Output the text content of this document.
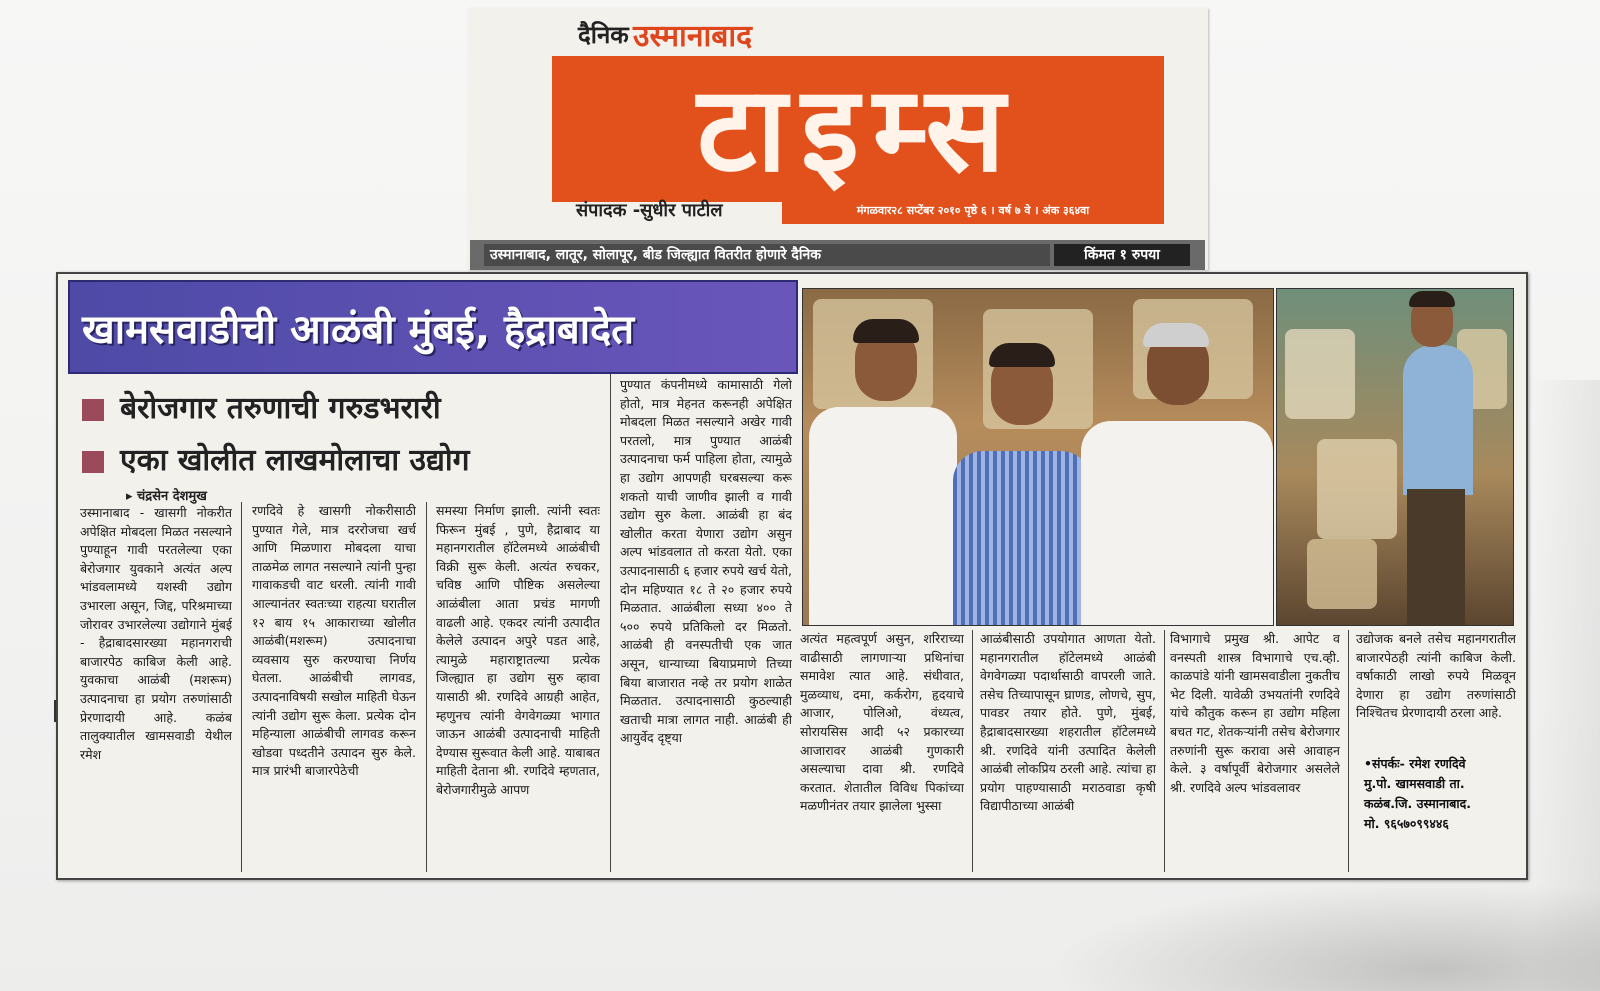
दैनिक उस्मानाबाद
टाइम्स
संपादक -सुधीर पाटील	मंगळवार२८ सप्टेंबर २०१० पृष्ठे ६ । वर्ष ७ वे । अंक ३६४वा
उस्मानाबाद, लातूर, सोलापूर, बीड जिल्ह्यात वितरीत होणारे दैनिक	किंमत १ रुपया
खामसवाडीची आळंबी मुंबई, हैद्राबादेत
बेरोजगार तरुणाची गरुडभरारी
एका खोलीत लाखमोलाचा उद्योग
▸ चंद्रसेन देशमुख

उस्मानाबाद - खासगी नोकरीत अपेक्षित मोबदला मिळत नसल्याने पुण्याहून गावी परतलेल्या एका बेरोजगार युवकाने अत्यंत अल्प भांडवलामध्ये यशस्वी उद्योग उभारला असून, जिद्द, परिश्रमाच्या जोरावर उभारलेल्या उद्योगाने मुंबई - हैद्राबादसारख्या महानगराची बाजारपेठ काबिज केली आहे. युवकाचा आळंबी (मशरूम) उत्पादनाचा हा प्रयोग तरुणांसाठी प्रेरणादायी आहे. कळंब तालुक्यातील खामसवाडी येथील रमेश

रणदिवे हे खासगी नोकरीसाठी पुण्यात गेले, मात्र दररोजचा खर्च आणि मिळणारा मोबदला याचा ताळमेळ लागत नसल्याने त्यांनी पुन्हा गावाकडची वाट धरली. त्यांनी गावी आल्यानंतर स्वतःच्या राहत्या घरातील १२ बाय १५ आकाराच्या खोलीत आळंबी(मशरूम) उत्पादनाचा व्यवसाय सुरु करण्याचा निर्णय घेतला. आळंबीची लागवड, उत्पादनाविषयी सखोल माहिती घेऊन त्यांनी उद्योग सुरू केला. प्रत्येक दोन महिन्याला आळंबीची लागवड करून खोडवा पध्दतीने उत्पादन सुरु केले. मात्र प्रारंभी बाजारपेठेची

समस्या निर्माण झाली. त्यांनी स्वतः फिरून मुंबई , पुणे, हैद्राबाद या महानगरातील हॉटेलमध्ये आळंबीची विक्री सुरू केली. अत्यंत रुचकर, चविष्ठ आणि पौष्टिक असलेल्या आळंबीला आता प्रचंड मागणी वाढली आहे. एकदर त्यांनी उत्पादीत केलेले उत्पादन अपुरे पडत आहे, त्यामुळे महाराष्ट्रातल्या प्रत्येक जिल्ह्यात हा उद्योग सुरु व्हावा यासाठी श्री. रणदिवे आग्रही आहेत, म्हणुनच त्यांनी वेगवेगळ्या भागात जाऊन आळंबी उत्पादनाची माहिती देण्यास सुरूवात केली आहे. याबाबत माहिती देताना श्री. रणदिवे म्हणतात, बेरोजगारीमुळे आपण

पुण्यात कंपनीमध्ये कामासाठी गेलो होतो, मात्र मेहनत करूनही अपेक्षित मोबदला मिळत नसल्याने अखेर गावी परतलो, मात्र पुण्यात आळंबी उत्पादनाचा फर्म पाहिला होता, त्यामुळे हा उद्योग आपणही घरबसल्या करू शकतो याची जाणीव झाली व गावी उद्योग सुरु केला. आळंबी हा बंद खोलीत करता येणारा उद्योग असुन अल्प भांडवलात तो करता येतो. एका उत्पादनासाठी ६ हजार रुपये खर्च येतो, दोन महिण्यात १८ ते २० हजार रुपये मिळतात. आळंबीला सध्या ४०० ते ५०० रुपये प्रतिकिलो दर मिळतो. आळंबी ही वनस्पतीची एक जात असून, धान्याच्या बियाप्रमाणे तिच्या बिया बाजारात नव्हे तर प्रयोग शाळेत मिळतात. उत्पादनासाठी कुठल्याही खताची मात्रा लागत नाही. आळंबी ही आयुर्वेद दृष्ट्या

अत्यंत महत्वपूर्ण असुन, शरिराच्या वाढीसाठी लागणाऱ्या प्रथिनांचा समावेश त्यात आहे. संधीवात, मुळव्याध, दमा, कर्करोग, हृदयाचे आजार, पोलिओ, वंध्यत्व, सोरायसिस आदी ५२ प्रकारच्या आजारावर आळंबी गुणकारी असल्याचा दावा श्री. रणदिवे करतात. शेतातील विविध पिकांच्या मळणीनंतर तयार झालेला भुस्सा

आळंबीसाठी उपयोगात आणता येतो. महानगरातील हॉटेलमध्ये आळंबी वेगवेगळ्या पदार्थासाठी वापरली जाते. तसेच तिच्यापासून घ्राणड, लोणचे, सुप, पावडर तयार होते. पुणे, मुंबई, हैद्राबादसारख्या शहरातील हॉटेलमध्ये श्री. रणदिवे यांनी उत्पादित केलेली आळंबी लोकप्रिय ठरली आहे. त्यांचा हा प्रयोग पाहण्यासाठी मराठवाडा कृषी विद्यापीठाच्या आळंबी

विभागाचे प्रमुख श्री. आपेट व वनस्पती शास्त्र विभागाचे एच.व्ही. काळपांडे यांनी खामसवाडीला नुकतीच भेट दिली. यावेळी उभयतांनी रणदिवे यांचे कौतुक करून हा उद्योग महिला बचत गट, शेतकऱ्यांनी तसेच बेरोजगार तरुणांनी सुरू करावा असे आवाहन केले. ३ वर्षापूर्वी बेरोजगार असलेले श्री. रणदिवे अल्प भांडवलावर

उद्योजक बनले तसेच महानगरातील बाजारपेठही त्यांनी काबिज केली. वर्षाकाठी लाखो रुपये मिळवून देणारा हा उद्योग तरुणांसाठी निश्चितच प्रेरणादायी ठरला आहे.

•संपर्कः- रमेश रणदिवे
मु.पो. खामसवाडी ता.
कळंब.जि. उस्मानाबाद.
मो. ९६५७०९९४४६
